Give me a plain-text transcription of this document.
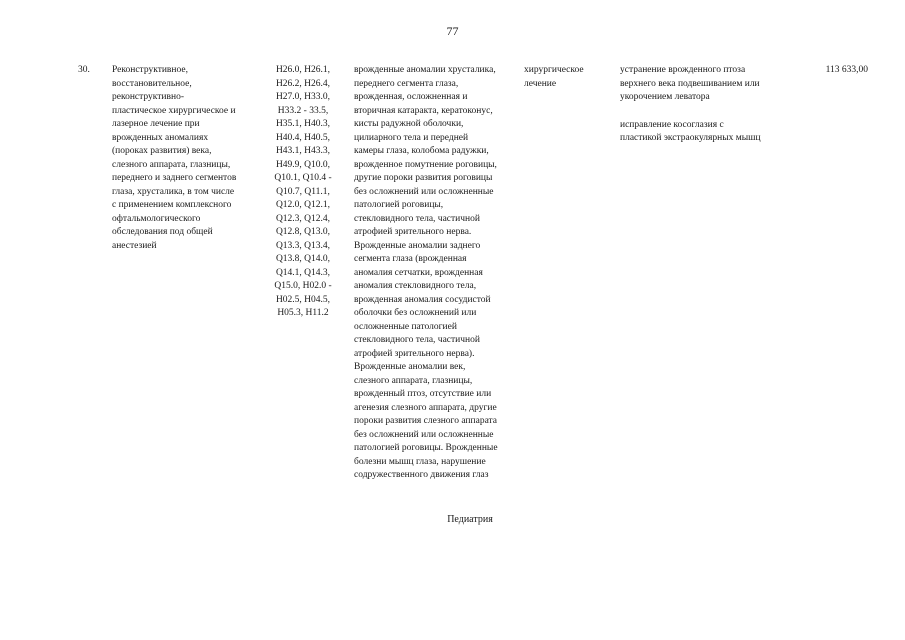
77
30.	Реконструктивное,
восстановительное,
реконструктивно-
пластическое хирургическое и
лазерное лечение при
врожденных аномалиях
(пороках развития) века,
слезного аппарата, глазницы,
переднего и заднего сегментов
глаза, хрусталика, в том числе
с применением комплексного
офтальмологического
обследования под общей
анестезией
H26.0, H26.1,
H26.2, H26.4,
H27.0, H33.0,
H33.2 - 33.5,
H35.1, H40.3,
H40.4, H40.5,
H43.1, H43.3,
H49.9, Q10.0,
Q10.1, Q10.4 -
Q10.7, Q11.1,
Q12.0, Q12.1,
Q12.3, Q12.4,
Q12.8, Q13.0,
Q13.3, Q13.4,
Q13.8, Q14.0,
Q14.1, Q14.3,
Q15.0, H02.0 -
H02.5, H04.5,
H05.3, H11.2
врожденные аномалии хрусталика,
переднего сегмента глаза,
врожденная, осложненная и
вторичная катаракта, кератоконус,
кисты радужной оболочки,
цилиарного тела и передней
камеры глаза, колобома радужки,
врожденное помутнение роговицы,
другие пороки развития роговицы
без осложнений или осложненные
патологией роговицы,
стекловидного тела, частичной
атрофией зрительного нерва.
Врожденные аномалии заднего
сегмента глаза (врожденная
аномалия сетчатки, врожденная
аномалия стекловидного тела,
врожденная аномалия сосудистой
оболочки без осложнений или
осложненные патологией
стекловидного тела, частичной
атрофией зрительного нерва).
Врожденные аномалии век,
слезного аппарата, глазницы,
врожденный птоз, отсутствие или
агенезия слезного аппарата, другие
пороки развития слезного аппарата
без осложнений или осложненные
патологией роговицы. Врожденные
болезни мышц глаза, нарушение
содружественного движения глаз
хирургическое
лечение
устранение врожденного птоза
верхнего века подвешиванием или
укорочением леватора
исправление косоглазия с
пластикой экстраокулярных мышц
113 633,00
Педиатрия
